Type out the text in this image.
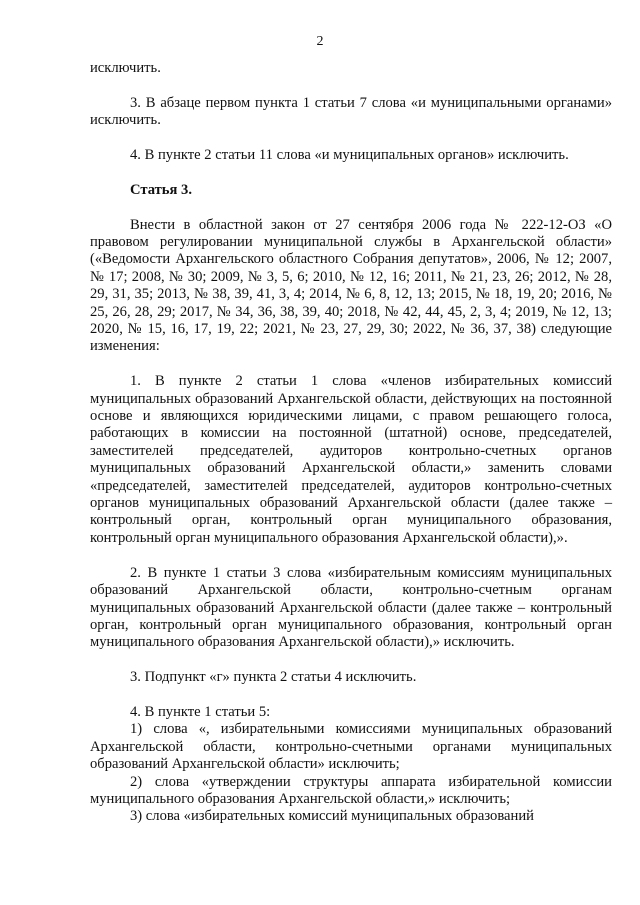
2

исключить.

3. В абзаце первом пункта 1 статьи 7 слова «и муниципальными органами» исключить.

4. В пункте 2 статьи 11 слова «и муниципальных органов» исключить.

Статья 3.

Внести в областной закон от 27 сентября 2006 года № 222-12-ОЗ «О правовом регулировании муниципальной службы в Архангельской области» («Ведомости Архангельского областного Собрания депутатов», 2006, № 12; 2007, № 17; 2008, № 30; 2009, № 3, 5, 6; 2010, № 12, 16; 2011, № 21, 23, 26; 2012, № 28, 29, 31, 35; 2013, № 38, 39, 41, 3, 4; 2014, № 6, 8, 12, 13; 2015, № 18, 19, 20; 2016, № 25, 26, 28, 29; 2017, № 34, 36, 38, 39, 40; 2018, № 42, 44, 45, 2, 3, 4; 2019, № 12, 13; 2020, № 15, 16, 17, 19, 22; 2021, № 23, 27, 29, 30; 2022, № 36, 37, 38) следующие изменения:

1. В пункте 2 статьи 1 слова «членов избирательных комиссий муниципальных образований Архангельской области, действующих на постоянной основе и являющихся юридическими лицами, с правом решающего голоса, работающих в комиссии на постоянной (штатной) основе, председателей, заместителей председателей, аудиторов контрольно-счетных органов муниципальных образований Архангельской области,» заменить словами «председателей, заместителей председателей, аудиторов контрольно-счетных органов муниципальных образований Архангельской области (далее также – контрольный орган, контрольный орган муниципального образования, контрольный орган муниципального образования Архангельской области),».

2. В пункте 1 статьи 3 слова «избирательным комиссиям муниципальных образований Архангельской области, контрольно-счетным органам муниципальных образований Архангельской области (далее также – контрольный орган, контрольный орган муниципального образования, контрольный орган муниципального образования Архангельской области),» исключить.

3. Подпункт «г» пункта 2 статьи 4 исключить.

4. В пункте 1 статьи 5:

1) слова «, избирательными комиссиями муниципальных образований Архангельской области, контрольно-счетными органами муниципальных образований Архангельской области» исключить;

2) слова «утверждении структуры аппарата избирательной комиссии муниципального образования Архангельской области,» исключить;

3) слова «избирательных комиссий муниципальных образований
